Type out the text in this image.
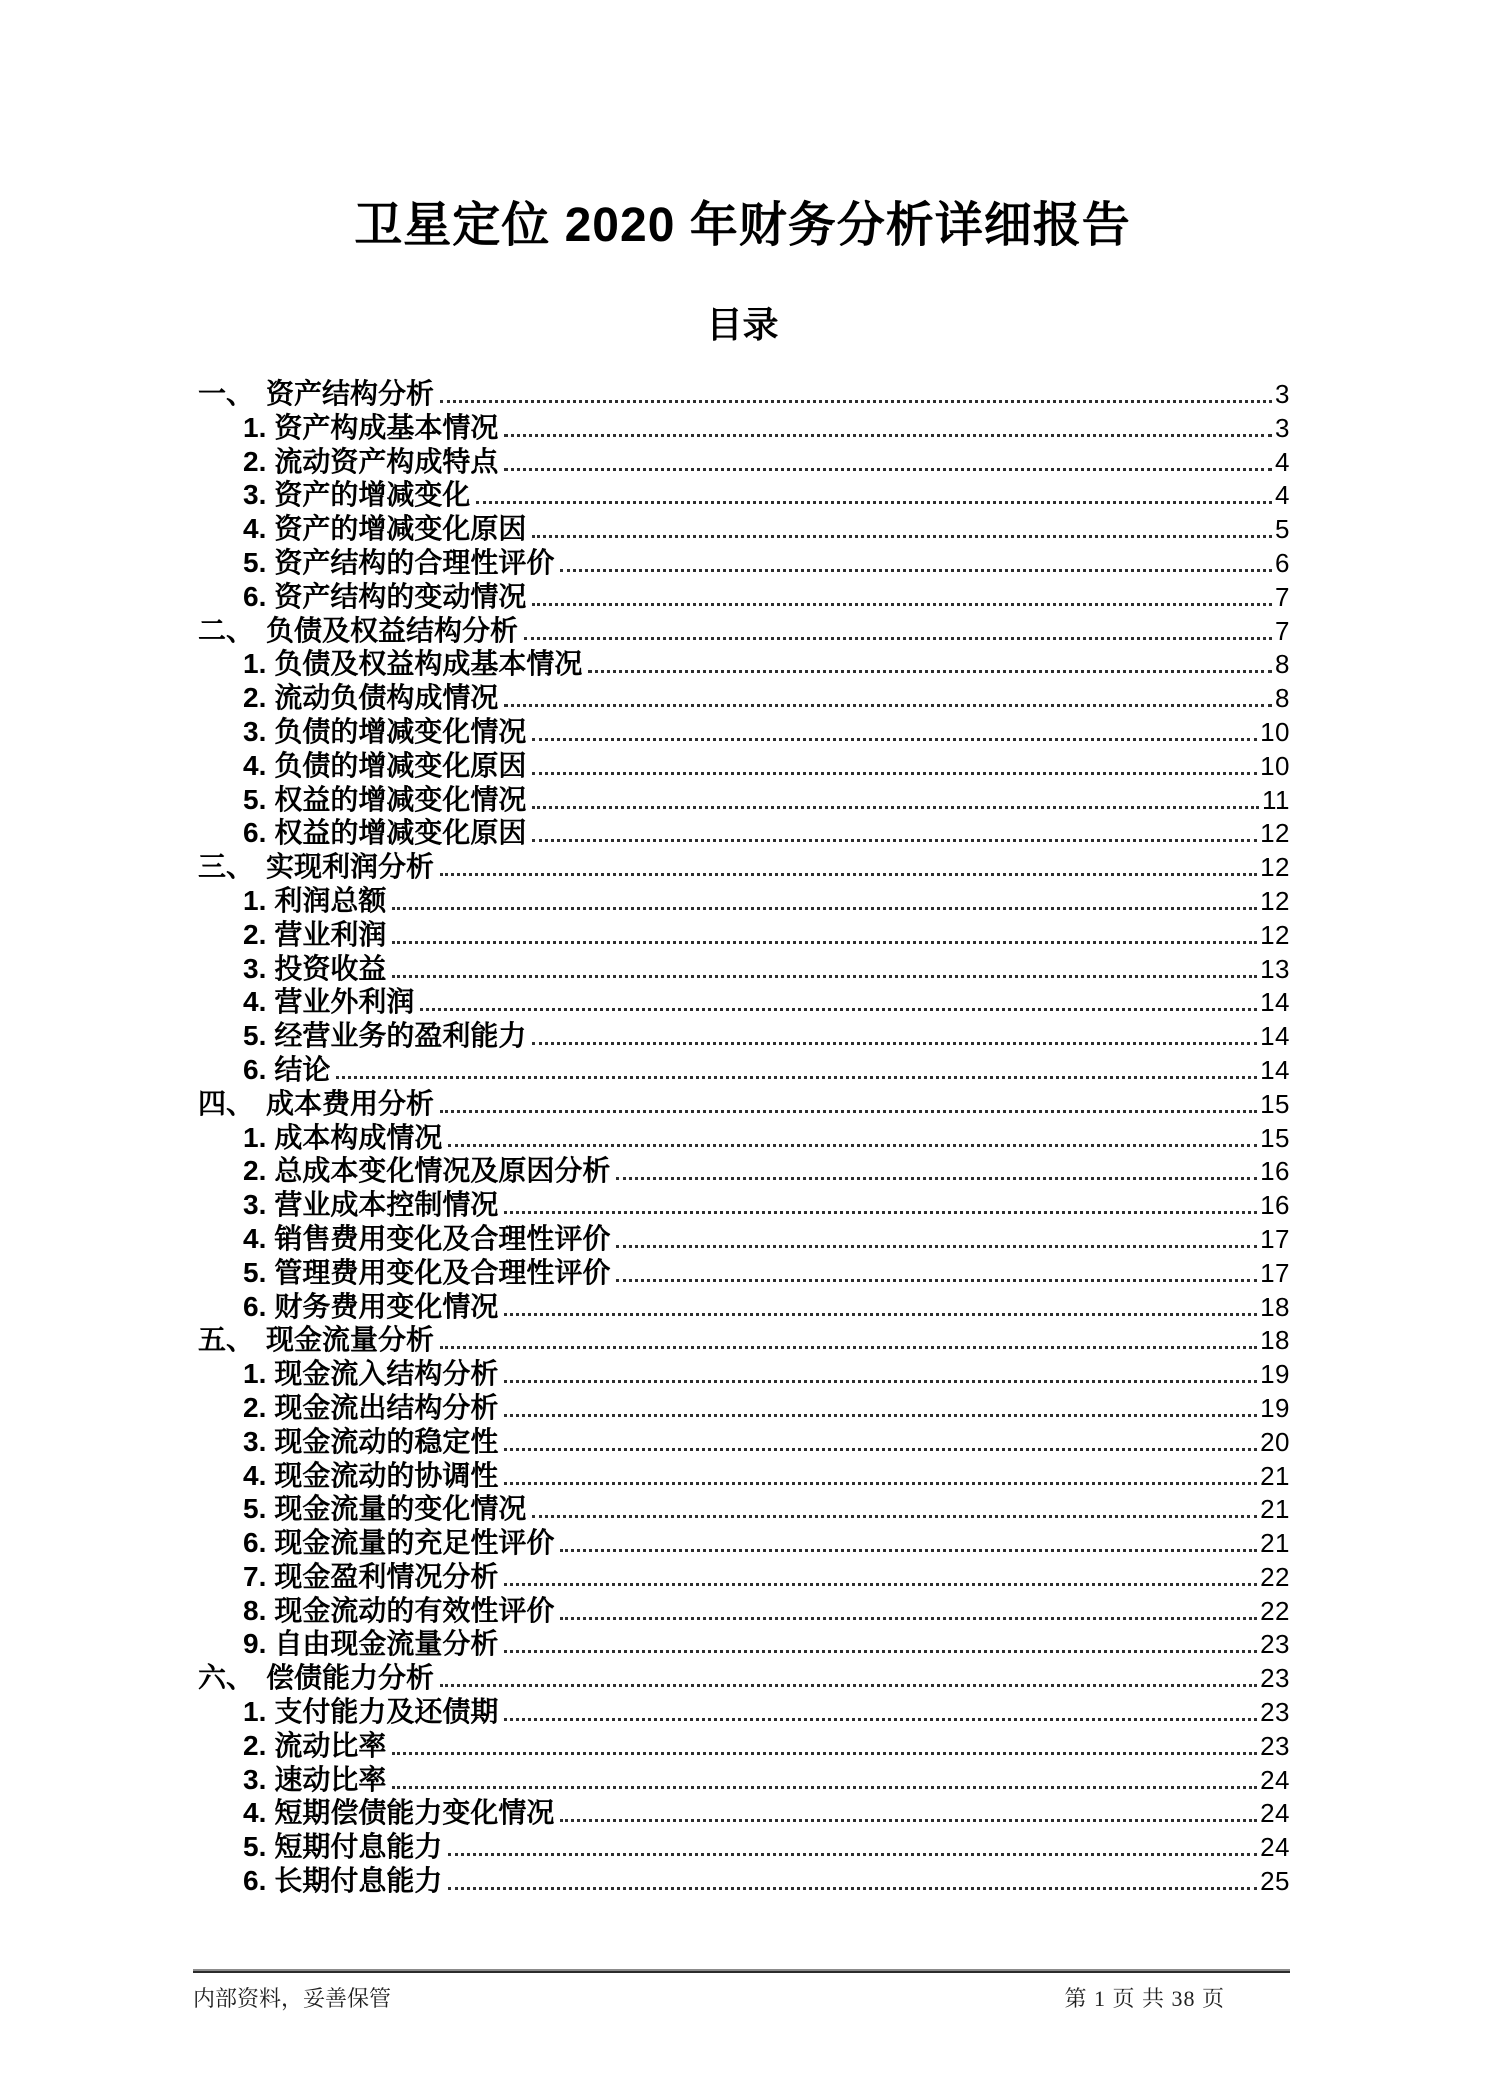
卫星定位 2020 年财务分析详细报告
目录
一、 资产结构分析	3
1. 资产构成基本情况	3
2. 流动资产构成特点	4
3. 资产的增减变化	4
4. 资产的增减变化原因	5
5. 资产结构的合理性评价	6
6. 资产结构的变动情况	7
二、 负债及权益结构分析	7
1. 负债及权益构成基本情况	8
2. 流动负债构成情况	8
3. 负债的增减变化情况	10
4. 负债的增减变化原因	10
5. 权益的增减变化情况	11
6. 权益的增减变化原因	12
三、 实现利润分析	12
1. 利润总额	12
2. 营业利润	12
3. 投资收益	13
4. 营业外利润	14
5. 经营业务的盈利能力	14
6. 结论	14
四、 成本费用分析	15
1. 成本构成情况	15
2. 总成本变化情况及原因分析	16
3. 营业成本控制情况	16
4. 销售费用变化及合理性评价	17
5. 管理费用变化及合理性评价	17
6. 财务费用变化情况	18
五、 现金流量分析	18
1. 现金流入结构分析	19
2. 现金流出结构分析	19
3. 现金流动的稳定性	20
4. 现金流动的协调性	21
5. 现金流量的变化情况	21
6. 现金流量的充足性评价	21
7. 现金盈利情况分析	22
8. 现金流动的有效性评价	22
9. 自由现金流量分析	23
六、 偿债能力分析	23
1. 支付能力及还债期	23
2. 流动比率	23
3. 速动比率	24
4. 短期偿债能力变化情况	24
5. 短期付息能力	24
6. 长期付息能力	25
内部资料，妥善保管	第 1 页 共 38 页
